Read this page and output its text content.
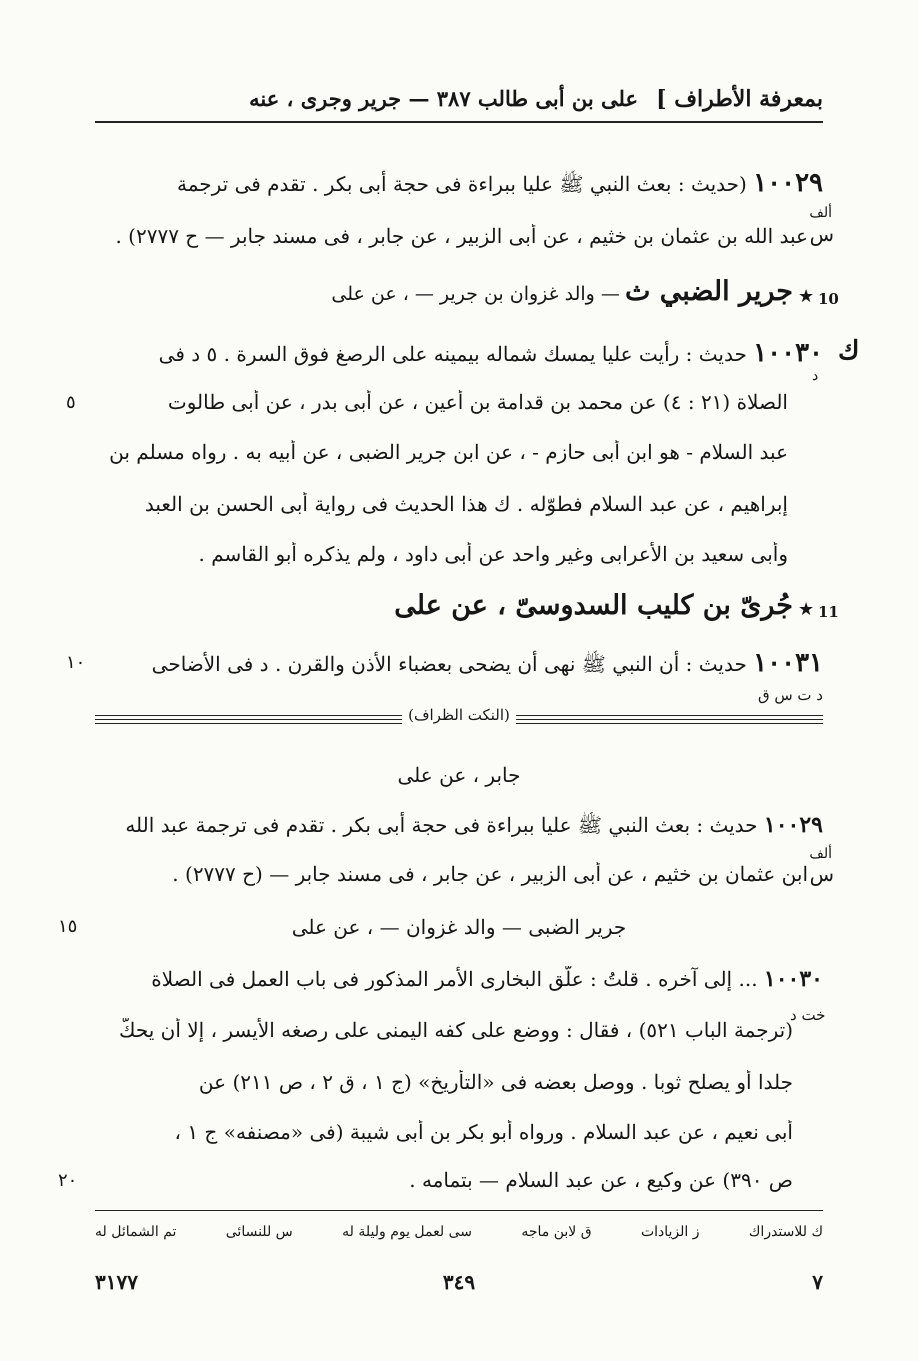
بمعرفة الأطراف ]
على بن أبى طالب ٣٨٧ — جرير وجرى ، عنه
١٠٠٢٩ (حديث : بعث النبي ﷺ عليا ببراءة فى حجة أبى بكر . تقدم فى ترجمة
ألف
س
عبد الله بن عثمان بن خثيم ، عن أبى الزبير ، عن جابر ، فى مسند جابر — ح ٢٧٧٧) .
10
★
جرير الضبي ث — والد غزوان بن جرير — ، عن على
ك
١٠٠٣٠ حديث : رأيت عليا يمسك شماله بيمينه على الرصغ فوق السرة . ٥ د فى
د
الصلاة (٢١ : ٤) عن محمد بن قدامة بن أعين ، عن أبى بدر ، عن أبى طالوت
٥
عبد السلام - هو ابن أبى حازم - ، عن ابن جرير الضبى ، عن أبيه به . رواه مسلم بن
إبراهيم ، عن عبد السلام فطوّله . ك هذا الحديث فى رواية أبى الحسن بن العبد
وأبى سعيد بن الأعرابى وغير واحد عن أبى داود ، ولم يذكره أبو القاسم .
11
★
جُرىّ بن كليب السدوسىّ ، عن على
١٠٠٣١ حديث : أن النبي ﷺ نهى أن يضحى بعضباء الأذن والقرن . د فى الأضاحى
١٠
د ت س ق
(النكت الظراف)
جابر ، عن على
١٠٠٢٩ حديث : بعث النبي ﷺ عليا ببراءة فى حجة أبى بكر . تقدم فى ترجمة عبد الله
ألف
س
ابن عثمان بن خثيم ، عن أبى الزبير ، عن جابر ، فى مسند جابر — (ح ٢٧٧٧) .
١٥	جرير الضبى — والد غزوان — ، عن على
١٠٠٣٠ ... إلى آخره . قلتُ : علّق البخارى الأمر المذكور فى باب العمل فى الصلاة
خت د
(ترجمة الباب ٥٢١) ، فقال : ووضع على كفه اليمنى على رصغه الأيسر ، إلا أن يحكّ
جلدا أو يصلح ثوبا . ووصل بعضه فى «التأريخ» (ج ١ ، ق ٢ ، ص ٢١١) عن
أبى نعيم ، عن عبد السلام . ورواه أبو بكر بن أبى شيبة (فى «مصنفه» ج ١ ،
ص ٣٩٠) عن وكيع ، عن عبد السلام — بتمامه .
٢٠
تم الشمائل له	س للنسائى	سى لعمل يوم وليلة له	ق لابن ماجه	ز الزيادات	ك للاستدراك
٣١٧٧	٣٤٩	٧
